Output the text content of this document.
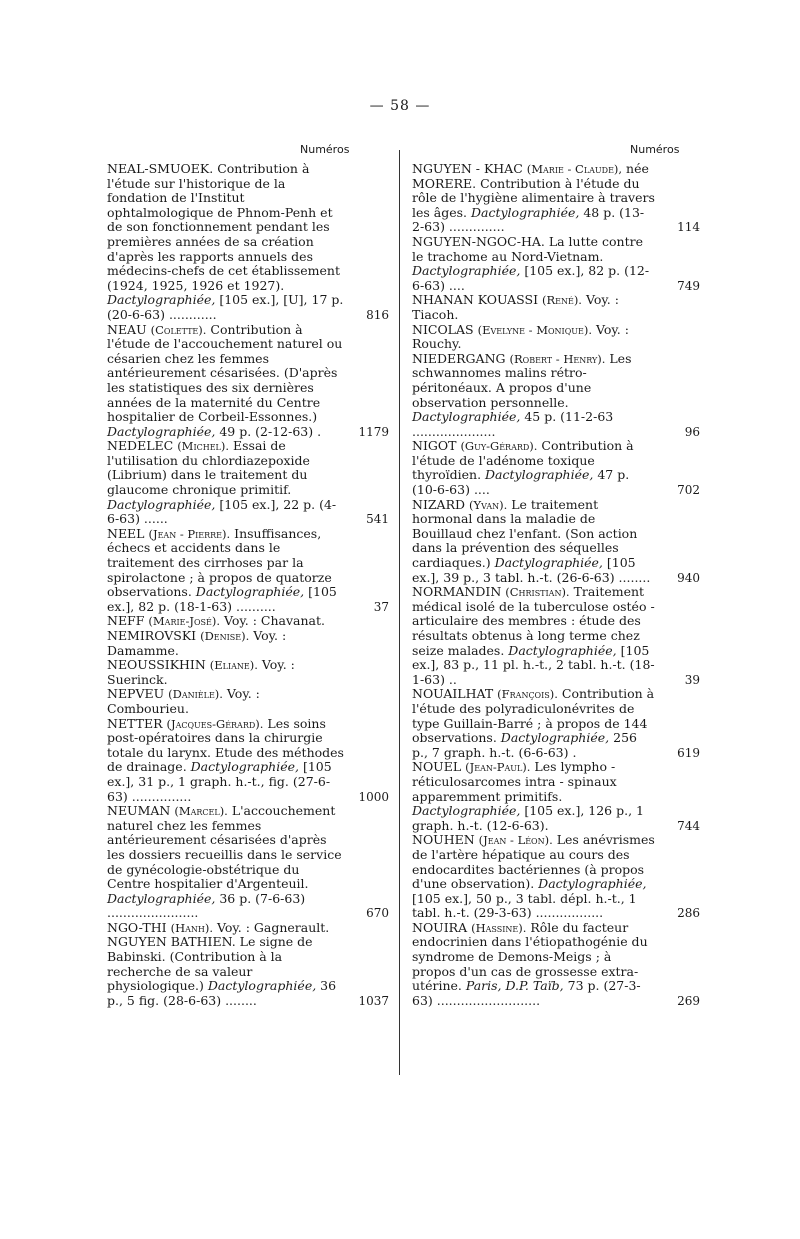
— 58 —
Numéros	Numéros
NEAL-SMUOEK. Contribution à l'étude sur l'historique de la fondation de l'Institut ophtalmologique de Phnom-Penh et de son fonctionnement pendant les premières années de sa création d'après les rapports annuels des médecins-chefs de cet établissement (1924, 1925, 1926 et 1927). Dactylographiée, [105 ex.], [U], 17 p. (20-6-63) ............	816
NEAU (Colette). Contribution à l'étude de l'accouchement naturel ou césarien chez les femmes antérieurement césarisées. (D'après les statistiques des six dernières années de la maternité du Centre hospitalier de Corbeil-Essonnes.) Dactylographiée, 49 p. (2-12-63) .	1179
NEDELEC (Michel). Essai de l'utilisation du chlordiazepoxide (Librium) dans le traitement du glaucome chronique primitif. Dactylographiée, [105 ex.], 22 p. (4-6-63) ......	541
NEEL (Jean - Pierre). Insuffisances, échecs et accidents dans le traitement des cirrhoses par la spirolactone ; à propos de quatorze observations. Dactylographiée, [105 ex.], 82 p. (18-1-63) ..........	37
NEFF (Marie-José). Voy. : Chavanat.
NEMIROVSKI (Denise). Voy. : Damamme.
NEOUSSIKHIN (Eliane). Voy. : Suerinck.
NEPVEU (Danièle). Voy. : Combourieu.
NETTER (Jacques-Gérard). Les soins post-opératoires dans la chirurgie totale du larynx. Etude des méthodes de drainage. Dactylographiée, [105 ex.], 31 p., 1 graph. h.-t., fig. (27-6-63) ...............	1000
NEUMAN (Marcel). L'accouchement naturel chez les femmes antérieurement césarisées d'après les dossiers recueillis dans le service de gynécologie-obstétrique du Centre hospitalier d'Argenteuil. Dactylographiée, 36 p. (7-6-63) .......................	670
NGO-THI (Hanh). Voy. : Gagnerault.
NGUYEN BATHIEN. Le signe de Babinski. (Contribution à la recherche de sa valeur physiologique.) Dactylographiée, 36 p., 5 fig. (28-6-63) ........	1037
NGUYEN - KHAC (Marie - Claude), née MORERE. Contribution à l'étude du rôle de l'hygiène alimentaire à travers les âges. Dactylographiée, 48 p. (13-2-63) ..............	114
NGUYEN-NGOC-HA. La lutte contre le trachome au Nord-Vietnam. Dactylographiée, [105 ex.], 82 p. (12-6-63) ....	749
NHANAN KOUASSI (René). Voy. : Tiacoh.
NICOLAS (Evelyne - Monique). Voy. : Rouchy.
NIEDERGANG (Robert - Henry). Les schwannomes malins rétro-péritonéaux. A propos d'une observation personnelle. Dactylographiée, 45 p. (11-2-63 .....................	96
NIGOT (Guy-Gérard). Contribution à l'étude de l'adénome toxique thyroïdien. Dactylographiée, 47 p. (10-6-63) ....	702
NIZARD (Yvan). Le traitement hormonal dans la maladie de Bouillaud chez l'enfant. (Son action dans la prévention des séquelles cardiaques.) Dactylographiée, [105 ex.], 39 p., 3 tabl. h.-t. (26-6-63) ........	940
NORMANDIN (Christian). Traitement médical isolé de la tuberculose ostéo - articulaire des membres : étude des résultats obtenus à long terme chez seize malades. Dactylographiée, [105 ex.], 83 p., 11 pl. h.-t., 2 tabl. h.-t. (18-1-63) ..	39
NOUAILHAT (François). Contribution à l'étude des polyradiculonévrites de type Guillain-Barré ; à propos de 144 observations. Dactylographiée, 256 p., 7 graph. h.-t. (6-6-63) .	619
NOUEL (Jean-Paul). Les lympho - réticulosarcomes intra - spinaux apparemment primitifs. Dactylographiée, [105 ex.], 126 p., 1 graph. h.-t. (12-6-63).	744
NOUHEN (Jean - Léon). Les anévrismes de l'artère hépatique au cours des endocardites bactériennes (à propos d'une observation). Dactylographiée, [105 ex.], 50 p., 3 tabl. dépl. h.-t., 1 tabl. h.-t. (29-3-63) .................	286
NOUIRA (Hassine). Rôle du facteur endocrinien dans l'étiopathogénie du syndrome de Demons-Meigs ; à propos d'un cas de grossesse extra-utérine. Paris, D.P. Taïb, 73 p. (27-3-63) ..........................	269
